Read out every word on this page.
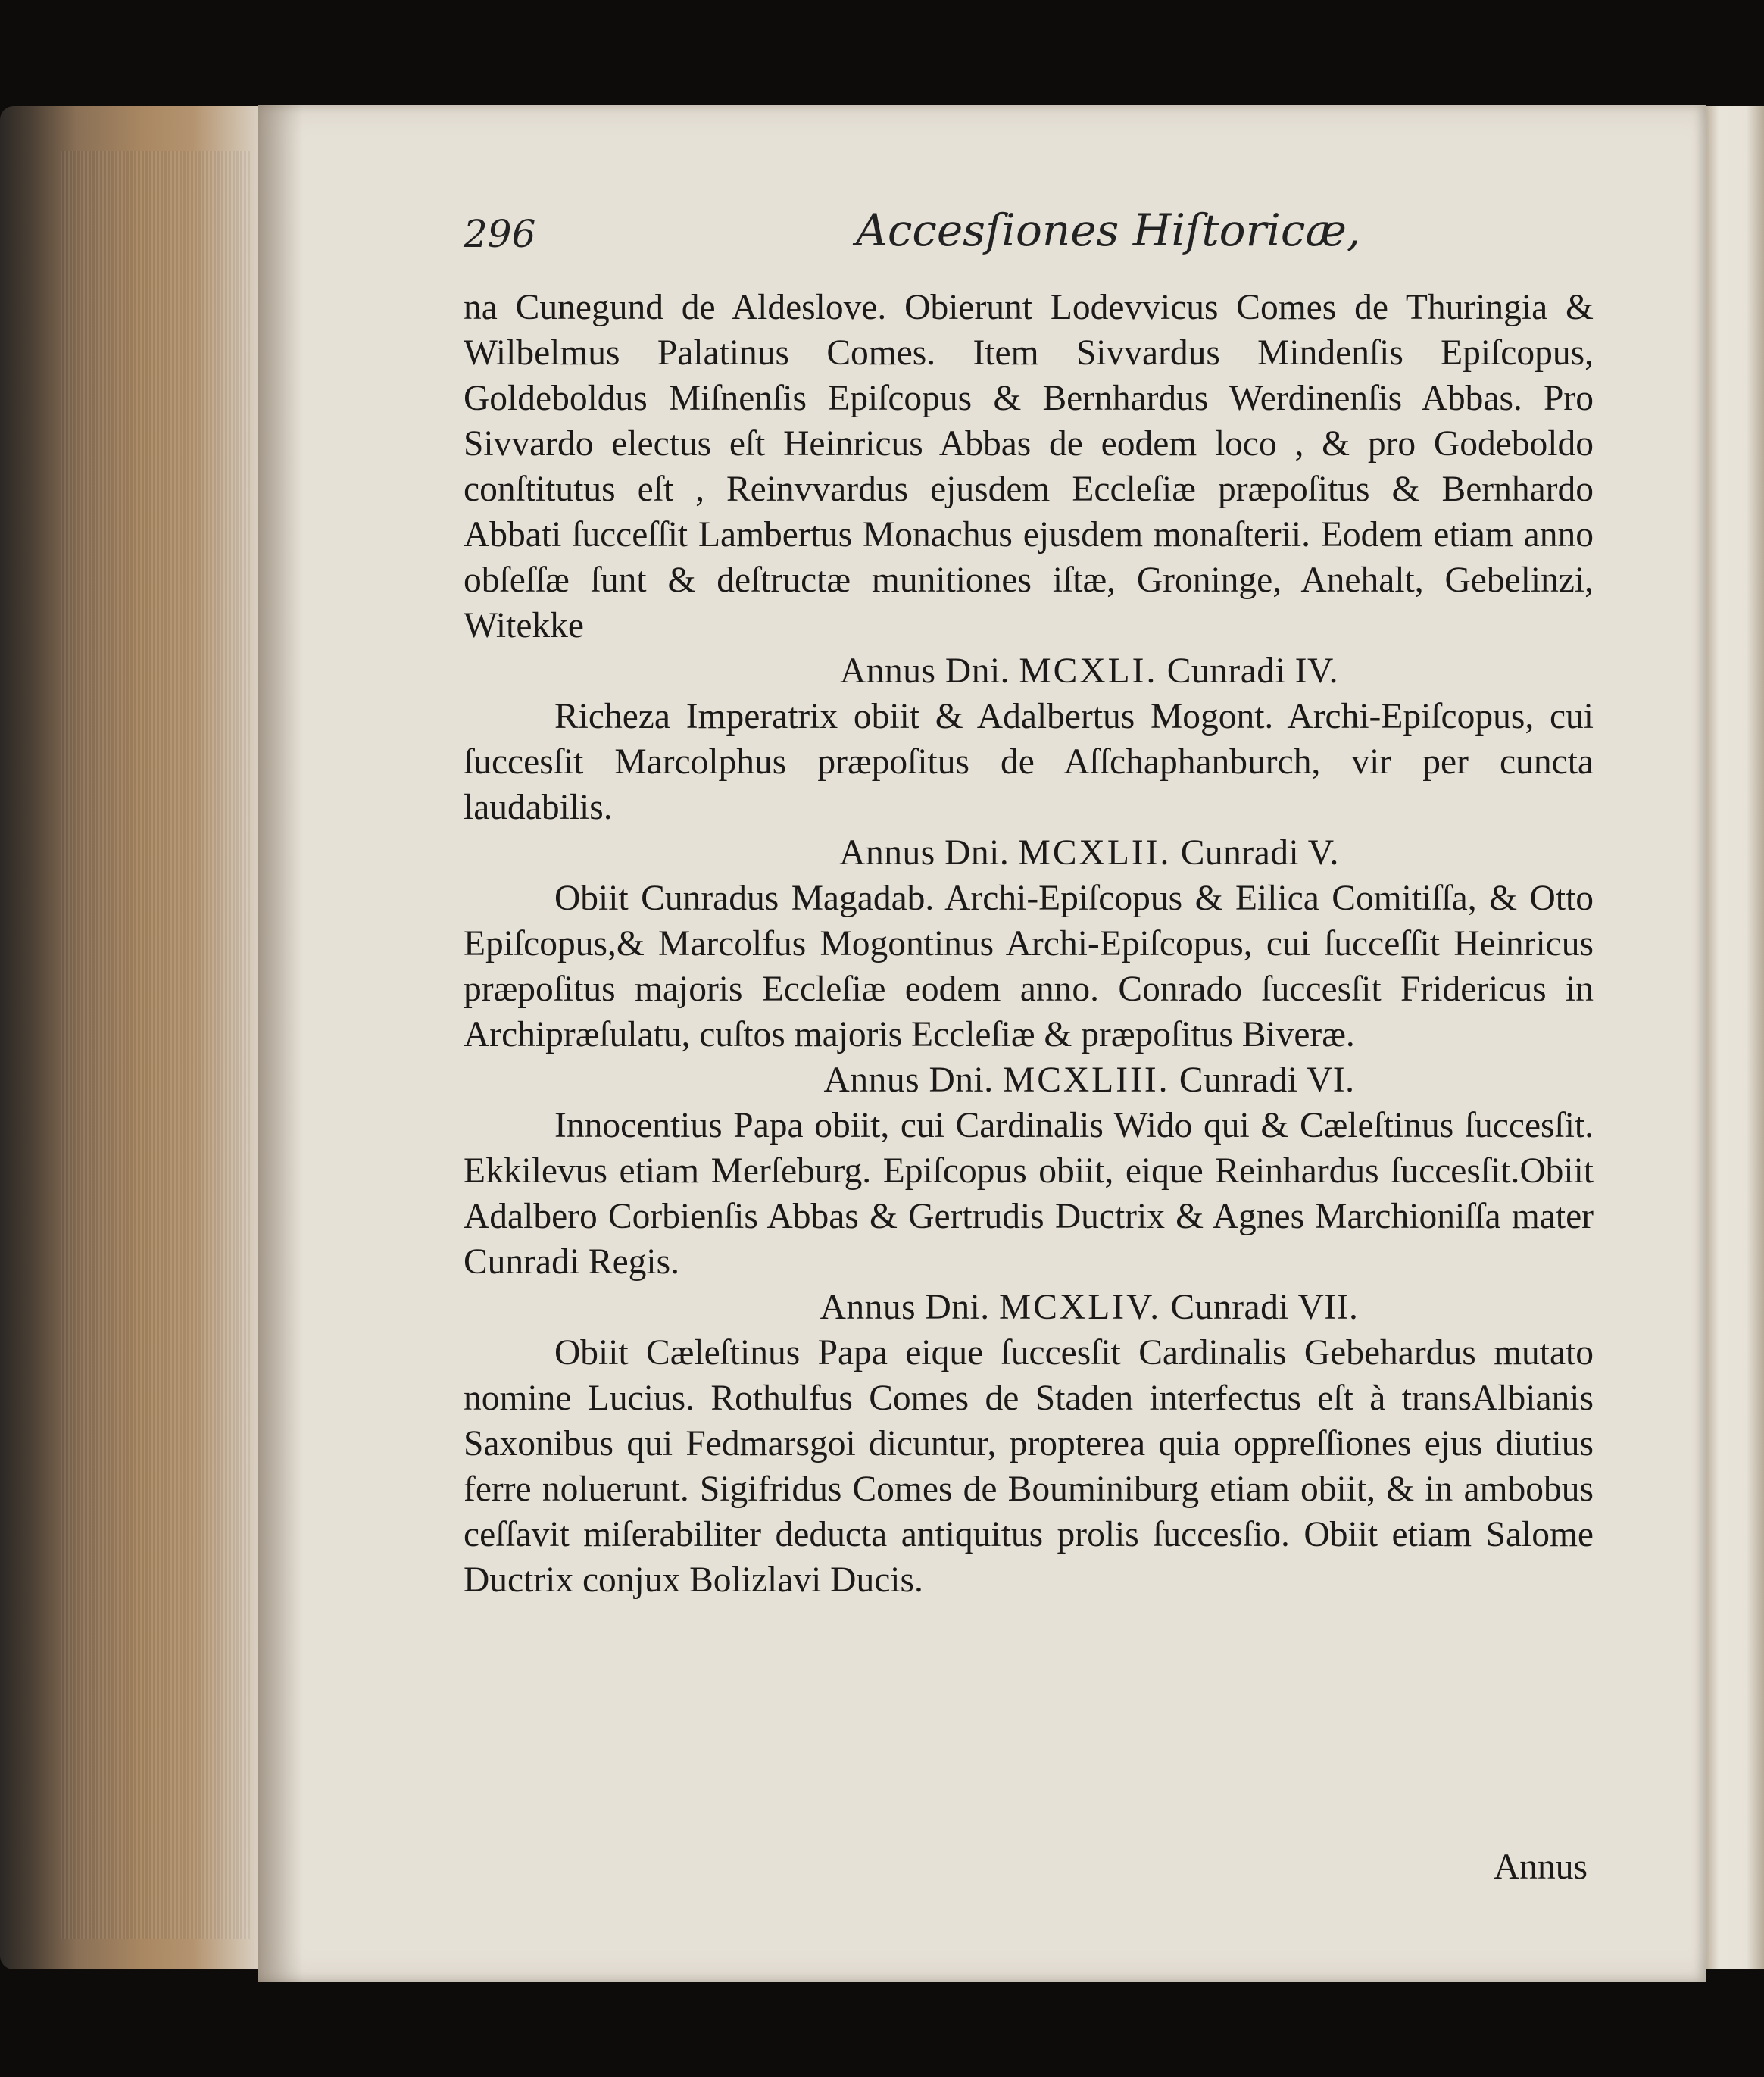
296	Accesſiones Hiſtoricæ,

na Cunegund de Aldeslove. Obierunt Lodevvicus Comes de Thuringia & Wilbelmus Palatinus Comes. Item Sivvardus Mindenſis Epiſcopus, Goldeboldus Miſnenſis Epiſcopus & Bernhardus Werdinenſis Abbas. Pro Sivvardo electus eſt Heinricus Abbas de eodem loco , & pro Godeboldo conſtitutus eſt , Reinvvardus ejusdem Eccleſiæ præpoſitus & Bernhardo Abbati ſucceſſit Lambertus Monachus ejusdem monaſterii. Eodem etiam anno obſeſſæ ſunt & deſtructæ munitiones iſtæ, Groninge, Anehalt, Gebelinzi, Witekke

Annus Dni. MCXLI. Cunradi IV.

Richeza Imperatrix obiit & Adalbertus Mogont. Archi-Epiſcopus, cui ſuccesſit Marcolphus præpoſitus de Aſſchaphanburch, vir per cuncta laudabilis.

Annus Dni. MCXLII. Cunradi V.

Obiit Cunradus Magadab. Archi-Epiſcopus & Eilica Comitiſſa, & Otto Epiſcopus,& Marcolfus Mogontinus Archi-Epiſcopus, cui ſucceſſit Heinricus præpoſitus majoris Eccleſiæ eodem anno. Conrado ſuccesſit Fridericus in Archipræſulatu, cuſtos majoris Eccleſiæ & præpoſitus Biveræ.

Annus Dni. MCXLIII. Cunradi VI.

Innocentius Papa obiit, cui Cardinalis Wido qui & Cæleſtinus ſuccesſit. Ekkilevus etiam Merſeburg. Epiſcopus obiit, eique Reinhardus ſuccesſit.Obiit Adalbero Corbienſis Abbas & Gertrudis Ductrix & Agnes Marchioniſſa mater Cunradi Regis.

Annus Dni. MCXLIV. Cunradi VII.

Obiit Cæleſtinus Papa eique ſuccesſit Cardinalis Gebehardus mutato nomine Lucius. Rothulfus Comes de Staden interfectus eſt à transAlbianis Saxonibus qui Fedmarsgoi dicuntur, propterea quia oppreſſiones ejus diutius ferre noluerunt. Sigifridus Comes de Bouminiburg etiam obiit, & in ambobus ceſſavit miſerabiliter deducta antiquitus prolis ſuccesſio. Obiit etiam Salome Ductrix conjux Bolizlavi Ducis.

Annus
